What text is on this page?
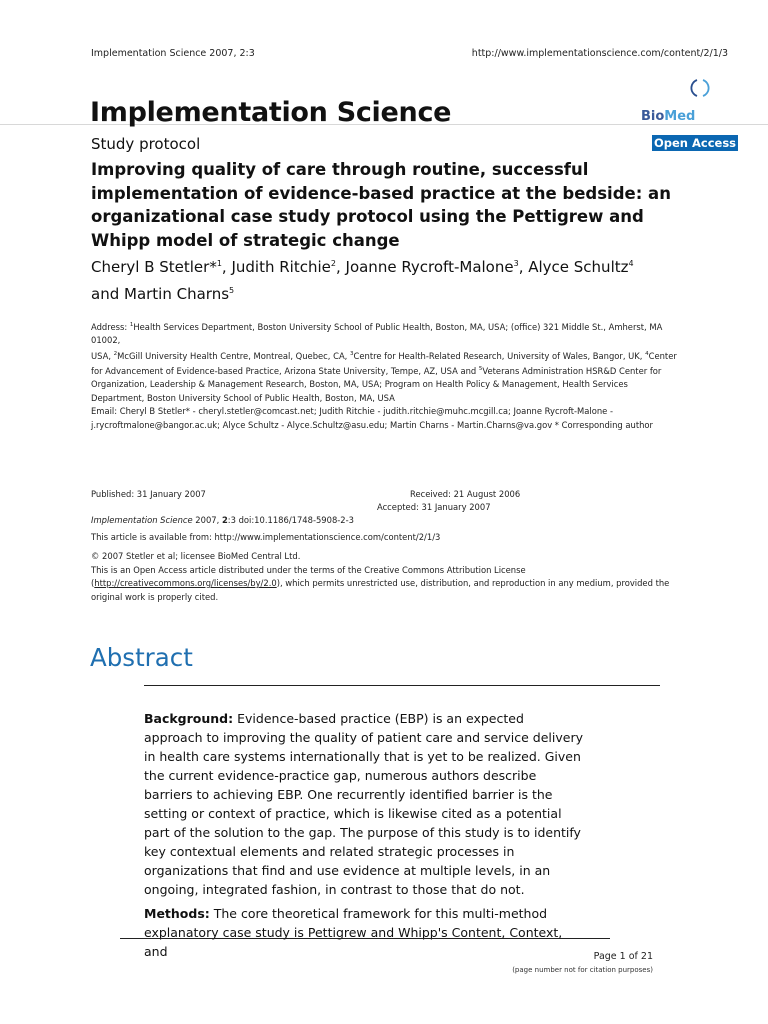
Implementation Science 2007, 2:3	http://www.implementationscience.com/content/2/1/3
Implementation Science	BioMed
Open Access
Study protocol
Improving quality of care through routine, successful implementation of evidence-based practice at the bedside: an organizational case study protocol using the Pettigrew and Whipp model of strategic change
Cheryl B Stetler*$^1$, Judith Ritchie$^2$, Joanne Rycroft-Malone$^3$, Alyce Schultz$^4$
and Martin Charns$^5$
Address: $^1$Health Services Department, Boston University School of Public Health, Boston, MA, USA; (office) 321 Middle St., Amherst, MA 01002,
USA, $^2$McGill University Health Centre, Montreal, Quebec, CA, $^3$Centre for Health-Related Research, University of Wales, Bangor, UK, $^4$Center for Advancement of Evidence-based Practice, Arizona State University, Tempe, AZ, USA and $^5$Veterans Administration HSR&D Center for Organization, Leadership & Management Research, Boston, MA, USA; Program on Health Policy & Management, Health Services Department, Boston University School of Public Health, Boston, MA, USA
Email: Cheryl B Stetler* - cheryl.stetler@comcast.net; Judith Ritchie - judith.ritchie@muhc.mcgill.ca; Joanne Rycroft-Malone - j.rycroftmalone@bangor.ac.uk; Alyce Schultz - Alyce.Schultz@asu.edu; Martin Charns - Martin.Charns@va.gov * Corresponding author
Published: 31 January 2007	Received: 21 August 2006
Accepted: 31 January 2007
Implementation Science 2007, 2:3 doi:10.1186/1748-5908-2-3
This article is available from: http://www.implementationscience.com/content/2/1/3
© 2007 Stetler et al; licensee BioMed Central Ltd.
This is an Open Access article distributed under the terms of the Creative Commons Attribution License
(http://creativecommons.org/licenses/by/2.0), which permits unrestricted use, distribution, and reproduction in any medium, provided the original work is properly cited.
Abstract

Background: Evidence-based practice (EBP) is an expected approach to improving the quality of patient care and service delivery in health care systems internationally that is yet to be realized. Given the current evidence-practice gap, numerous authors describe barriers to achieving EBP. One recurrently identified barrier is the setting or context of practice, which is likewise cited as a potential part of the solution to the gap. The purpose of this study is to identify key contextual elements and related strategic processes in organizations that find and use evidence at multiple levels, in an ongoing, integrated fashion, in contrast to those that do not.

Methods: The core theoretical framework for this multi-method explanatory case study is Pettigrew and Whipp's Content, Context, and	Page 1 of 21
(page number not for citation purposes)
